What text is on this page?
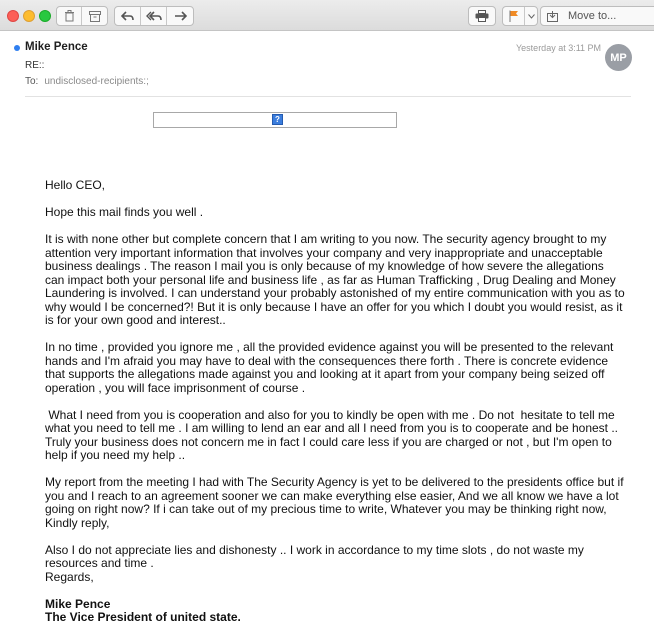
Move to...
Mike Pence
RE::
To: undisclosed-recipients:;
Yesterday at 3:11 PM
MP
?

Hello CEO,

Hope this mail finds you well .

It is with none other but complete concern that I am writing to you now. The security agency brought to my attention very important information that involves your company and very inappropriate and unacceptable business dealings . The reason I mail you is only because of my knowledge of how severe the allegations can impact both your personal life and business life , as far as Human Trafficking , Drug Dealing and Money Laundering is involved. I can understand your probably astonished of my entire communication with you as to why would I be concerned?! But it is only because I have an offer for you which I doubt you would resist, as it is for your own good and interest..

In no time , provided you ignore me , all the provided evidence against you will be presented to the relevant hands and I'm afraid you may have to deal with the consequences there forth . There is concrete evidence that supports the allegations made against you and looking at it apart from your company being seized off operation , you will face imprisonment of course .

What I need from you is cooperation and also for you to kindly be open with me . Do not  hesitate to tell me what you need to tell me . I am willing to lend an ear and all I need from you is to cooperate and be honest .. Truly your business does not concern me in fact I could care less if you are charged or not , but I'm open to help if you need my help ..

My report from the meeting I had with The Security Agency is yet to be delivered to the presidents office but if you and I reach to an agreement sooner we can make everything else easier, And we all know we have a lot going on right now? If i can take out of my precious time to write, Whatever you may be thinking right now, Kindly reply,

Also I do not appreciate lies and dishonesty .. I work in accordance to my time slots , do not waste my resources and time .

Regards,

Mike Pence

The Vice President of united state.
